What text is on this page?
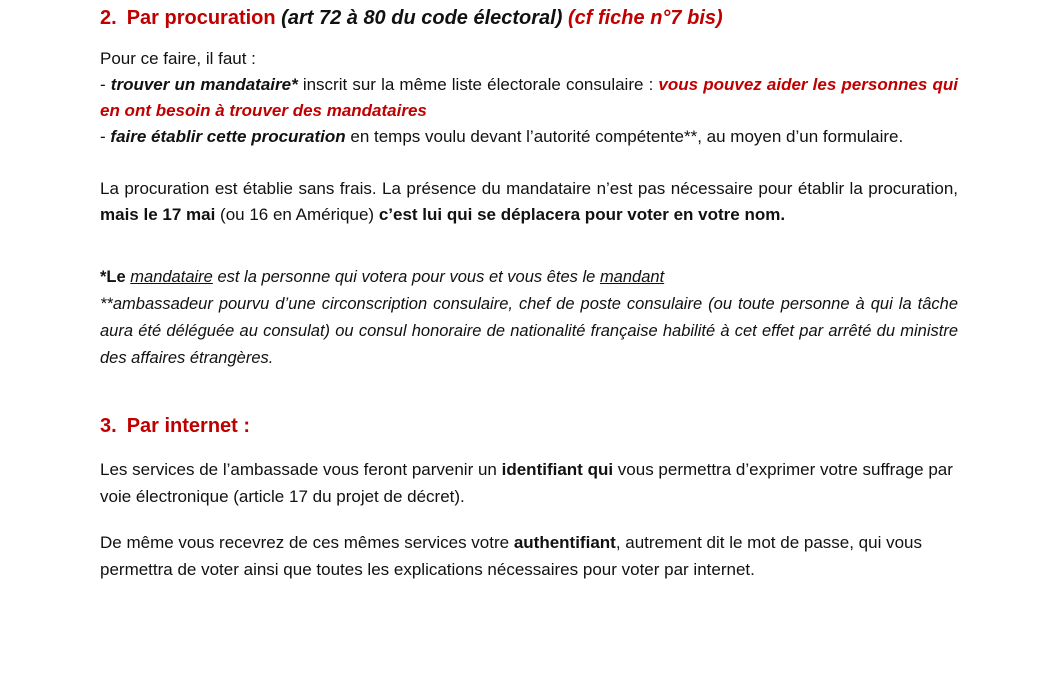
2. Par procuration (art 72 à 80 du code électoral) (cf fiche n°7 bis)

Pour ce faire, il faut :

- trouver un mandataire* inscrit sur la même liste électorale consulaire : vous pouvez aider les personnes qui en ont besoin à trouver des mandataires

- faire établir cette procuration en temps voulu devant l’autorité compétente**, au moyen d’un formulaire.

La procuration est établie sans frais. La présence du mandataire n’est pas nécessaire pour établir la procuration, mais le 17 mai (ou 16 en Amérique) c’est lui qui se déplacera pour voter en votre nom.

*Le mandataire est la personne qui votera pour vous et vous êtes le mandant

**ambassadeur pourvu d’une circonscription consulaire, chef de poste consulaire (ou toute personne à qui la tâche aura été déléguée au consulat) ou consul honoraire de nationalité française habilité à cet effet par arrêté du ministre des affaires étrangères.

3. Par internet :

Les services de l’ambassade vous feront parvenir un identifiant qui vous permettra d’exprimer votre suffrage par voie électronique (article 17 du projet de décret).

De même vous recevrez de ces mêmes services votre authentifiant, autrement dit le mot de passe, qui vous permettra de voter ainsi que toutes les explications nécessaires pour voter par internet.
